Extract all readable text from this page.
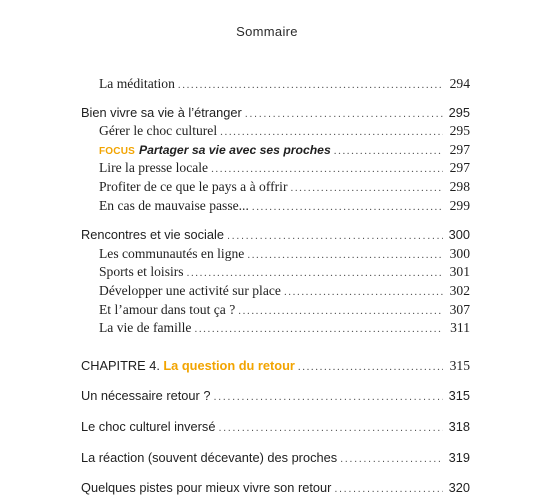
Sommaire
La méditation .....	294
Bien vivre sa vie à l’étranger .....	295
Gérer le choc culturel .....	295
FOCUS Partager sa vie avec ses proches .....	297
Lire la presse locale .....	297
Profiter de ce que le pays a à offrir .....	298
En cas de mauvaise passe... .....	299
Rencontres et vie sociale .....	300
Les communautés en ligne .....	300
Sports et loisirs .....	301
Développer une activité sur place .....	302
Et l’amour dans tout ça ? .....	307
La vie de famille .....	311
CHAPITRE 4. La question du retour .....	315
Un nécessaire retour ? .....	315
Le choc culturel inversé .....	318
La réaction (souvent décevante) des proches .....	319
Quelques pistes pour mieux vivre son retour .....	320
